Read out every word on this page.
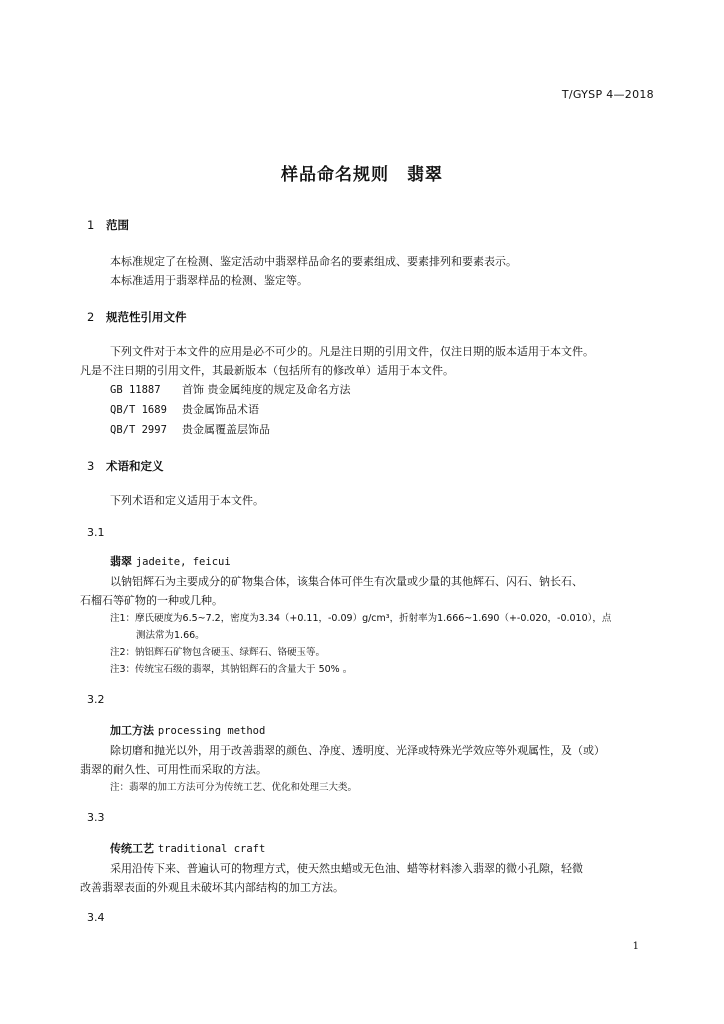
T/GYSP 4—2018
样品命名规则　翡翠

1 范围

本标准规定了在检测、鉴定活动中翡翠样品命名的要素组成、要素排列和要素表示。

本标准适用于翡翠样品的检测、鉴定等。

2 规范性引用文件

下列文件对于本文件的应用是必不可少的。凡是注日期的引用文件，仅注日期的版本适用于本文件。

凡是不注日期的引用文件，其最新版本（包括所有的修改单）适用于本文件。

GB 11887 首饰 贵金属纯度的规定及命名方法
QB/T 1689 贵金属饰品术语
QB/T 2997 贵金属覆盖层饰品

3 术语和定义

下列术语和定义适用于本文件。

3.1

翡翠 jadeite, feicui

以钠铝辉石为主要成分的矿物集合体，该集合体可伴生有次量或少量的其他辉石、闪石、钠长石、

石榴石等矿物的一种或几种。

注1：摩氏硬度为6.5~7.2，密度为3.34（+0.11，-0.09）g/cm³，折射率为1.666~1.690（+-0.020，-0.010），点

测法常为1.66。

注2：钠铝辉石矿物包含硬玉、绿辉石、铬硬玉等。

注3：传统宝石级的翡翠，其钠铝辉石的含量大于 50% 。

3.2

加工方法 processing method

除切磨和抛光以外，用于改善翡翠的颜色、净度、透明度、光泽或特殊光学效应等外观属性，及（或）

翡翠的耐久性、可用性而采取的方法。

注：翡翠的加工方法可分为传统工艺、优化和处理三大类。

3.3

传统工艺 traditional craft

采用沿传下来、普遍认可的物理方式，使天然虫蜡或无色油、蜡等材料渗入翡翠的微小孔隙，轻微

改善翡翠表面的外观且未破坏其内部结构的加工方法。

3.4

1
